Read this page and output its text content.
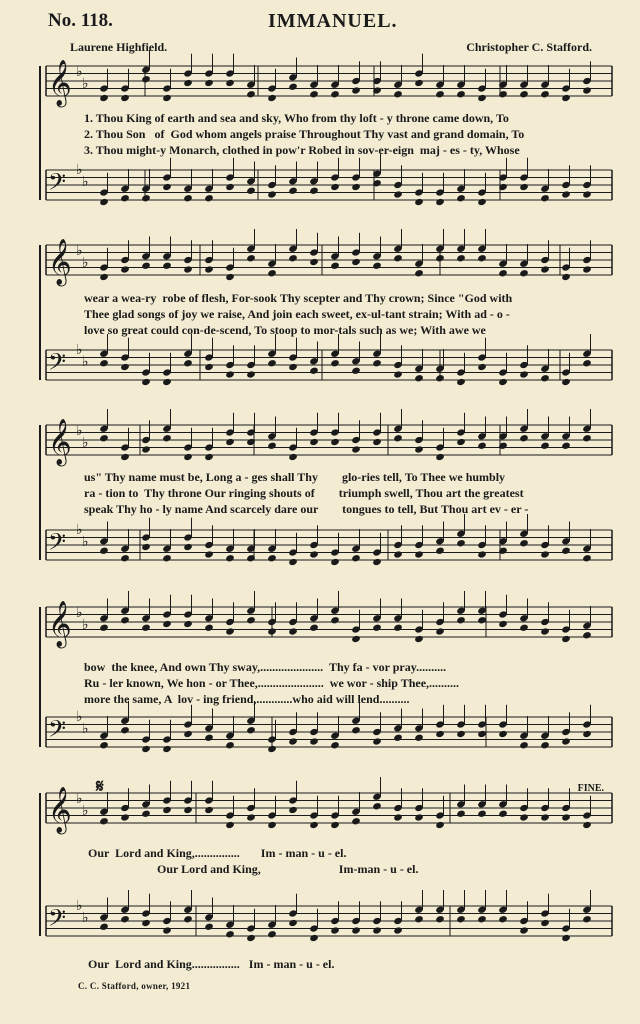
No. 118.	IMMANUEL.
Laurene Highfield.	Christopher C. Stafford.
𝄞 ♭
♭
𝄢 ♭
♭
𝄞 ♭
♭
𝄢 ♭
♭
𝄞 ♭
♭
𝄢 ♭
♭
𝄞 ♭
♭
𝄢 ♭
♭
𝄞 ♭
♭
𝄢 ♭
♭
1. Thou King of earth and sea and sky, Who from thy loft - y throne came down, To
2. Thou Son   of  God whom angels praise Throughout Thy vast and grand domain, To
3. Thou might-y Monarch, clothed in pow'r Robed in sov-er-eign  maj - es - ty, Whose
wear a wea-ry  robe of flesh, For-sook Thy scepter and Thy crown; Since "God with
Thee glad songs of joy we raise, And join each sweet, ex-ul-tant strain; With ad - o -
love so great could con-de-scend, To stoop to mor-tals such as we; With awe we
us" Thy name must be, Long a - ges shall Thy        glo-ries tell, To Thee we humbly
ra - tion to  Thy throne Our ringing shouts of        triumph swell, Thou art the greatest
speak Thy ho - ly name And scarcely dare our        tongues to tell, But Thou art ev - er -
bow  the knee, And own Thy sway,.....................  Thy fa - vor pray..........
Ru - ler known, We hon - or Thee,......................  we wor - ship Thee,..........
more the same, A  lov - ing friend,............who aid will lend..........
𝄋	FINE.
Our  Lord and King,...............       Im - man - u - el.
Our Lord and King,                          Im-man - u - el.
Our  Lord and King................   Im - man - u - el.
C. C. Stafford, owner, 1921
